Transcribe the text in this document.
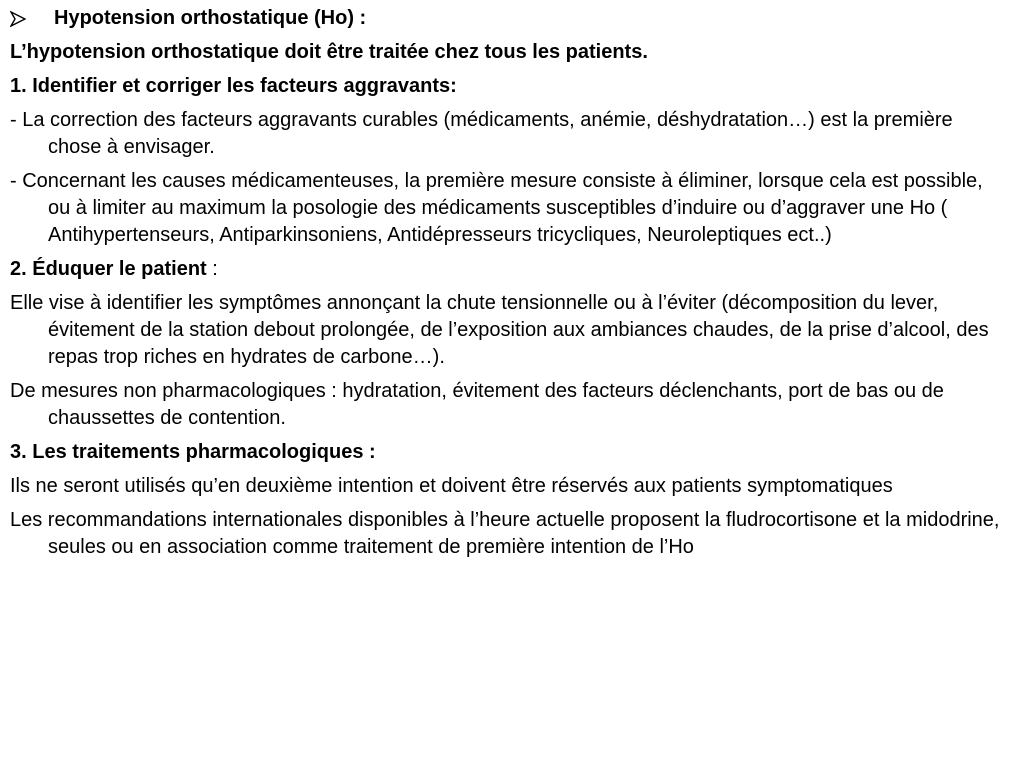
Hypotension orthostatique (Ho) :
L’hypotension orthostatique doit être traitée chez tous les patients.
1. Identifier et corriger les facteurs aggravants:
- La correction des facteurs aggravants curables (médicaments, anémie, déshydratation…) est la première chose à envisager.
- Concernant les causes médicamenteuses, la première mesure consiste à éliminer, lorsque cela est possible, ou à limiter au maximum la posologie des médicaments susceptibles d’induire ou d’aggraver une Ho ( Antihypertenseurs, Antiparkinsoniens, Antidépresseurs tricycliques, Neuroleptiques ect..)
2. Éduquer le patient :
Elle vise à identifier les symptômes annonçant la chute tensionnelle ou à l’éviter (décomposition du lever, évitement de la station debout prolongée, de l’exposition aux ambiances chaudes, de la prise d’alcool, des repas trop riches en hydrates de carbone…).
De mesures non pharmacologiques : hydratation, évitement des facteurs déclenchants, port de bas ou de chaussettes de contention.
3. Les traitements pharmacologiques :
Ils ne seront utilisés qu’en deuxième intention et doivent être réservés aux patients symptomatiques
Les recommandations internationales disponibles à l’heure actuelle proposent la fludrocortisone et la midodrine, seules ou en association comme traitement de première intention de l’Ho
